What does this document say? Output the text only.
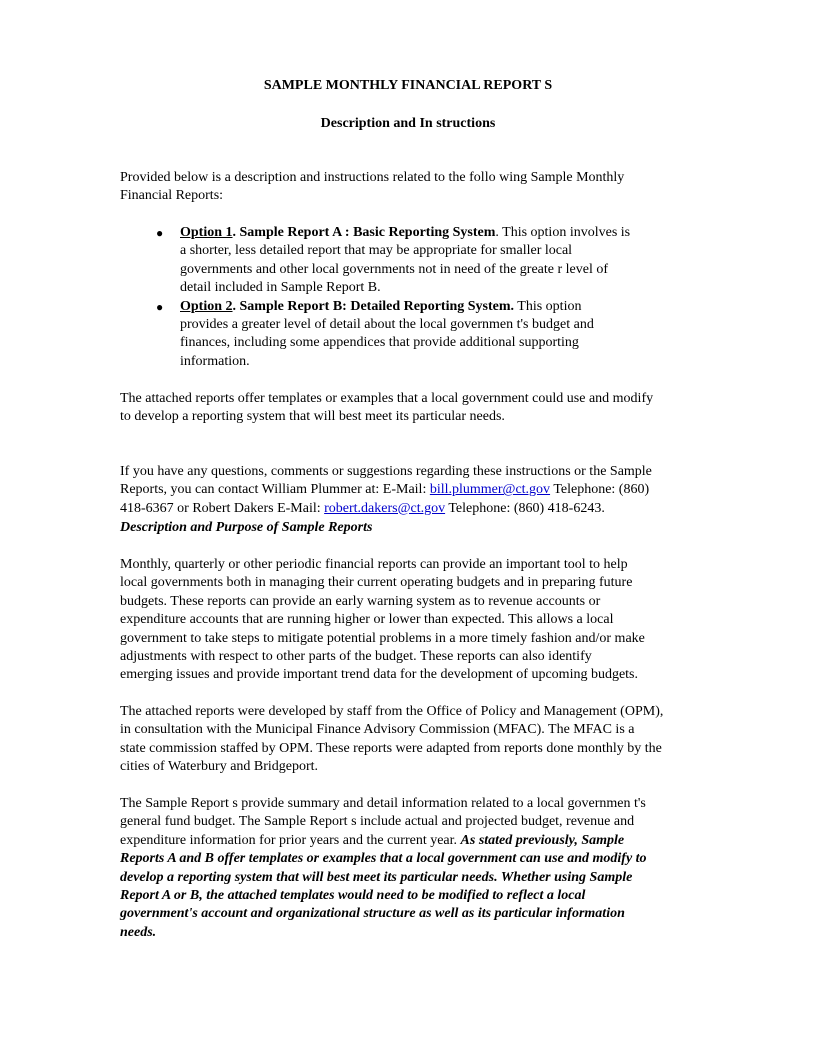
SAMPLE MONTHLY FINANCIAL REPORT S
Description and In structions
Provided below is a description and instructions related to the follo wing Sample Monthly
Financial Reports:
● Option 1. Sample Report A : Basic Reporting System. This option involves is
a shorter, less detailed report that may be appropriate for smaller local
governments and other local governments not in need of the greate r level of
detail included in Sample Report B.
● Option 2. Sample Report B: Detailed Reporting System. This option
provides a greater level of detail about the local governmen t's budget and
finances, including some appendices that provide additional supporting
information.
The attached reports offer templates or examples that a local government could use and modify
to develop a reporting system that will best meet its particular needs.
If you have any questions, comments or suggestions regarding these instructions or the Sample
Reports, you can contact William Plummer at: E-Mail: bill.plummer@ct.gov Telephone: (860)
418-6367 or Robert Dakers E-Mail: robert.dakers@ct.gov Telephone: (860) 418-6243.
Description and Purpose of Sample Reports
Monthly, quarterly or other periodic financial reports can provide an important tool to help
local governments both in managing their current operating budgets and in preparing future
budgets. These reports can provide an early warning system as to revenue accounts or
expenditure accounts that are running higher or lower than expected. This allows a local
government to take steps to mitigate potential problems in a more timely fashion and/or make
adjustments with respect to other parts of the budget. These reports can also identify
emerging issues and provide important trend data for the development of upcoming budgets.
The attached reports were developed by staff from the Office of Policy and Management (OPM),
in consultation with the Municipal Finance Advisory Commission (MFAC). The MFAC is a
state commission staffed by OPM. These reports were adapted from reports done monthly by the
cities of Waterbury and Bridgeport.
The Sample Report s provide summary and detail information related to a local governmen t's
general fund budget. The Sample Report s include actual and projected budget, revenue and
expenditure information for prior years and the current year. As stated previously, Sample
Reports A and B offer templates or examples that a local government can use and modify to
develop a reporting system that will best meet its particular needs. Whether using Sample
Report A or B, the attached templates would need to be modified to reflect a local
government's account and organizational structure as well as its particular information
needs.
